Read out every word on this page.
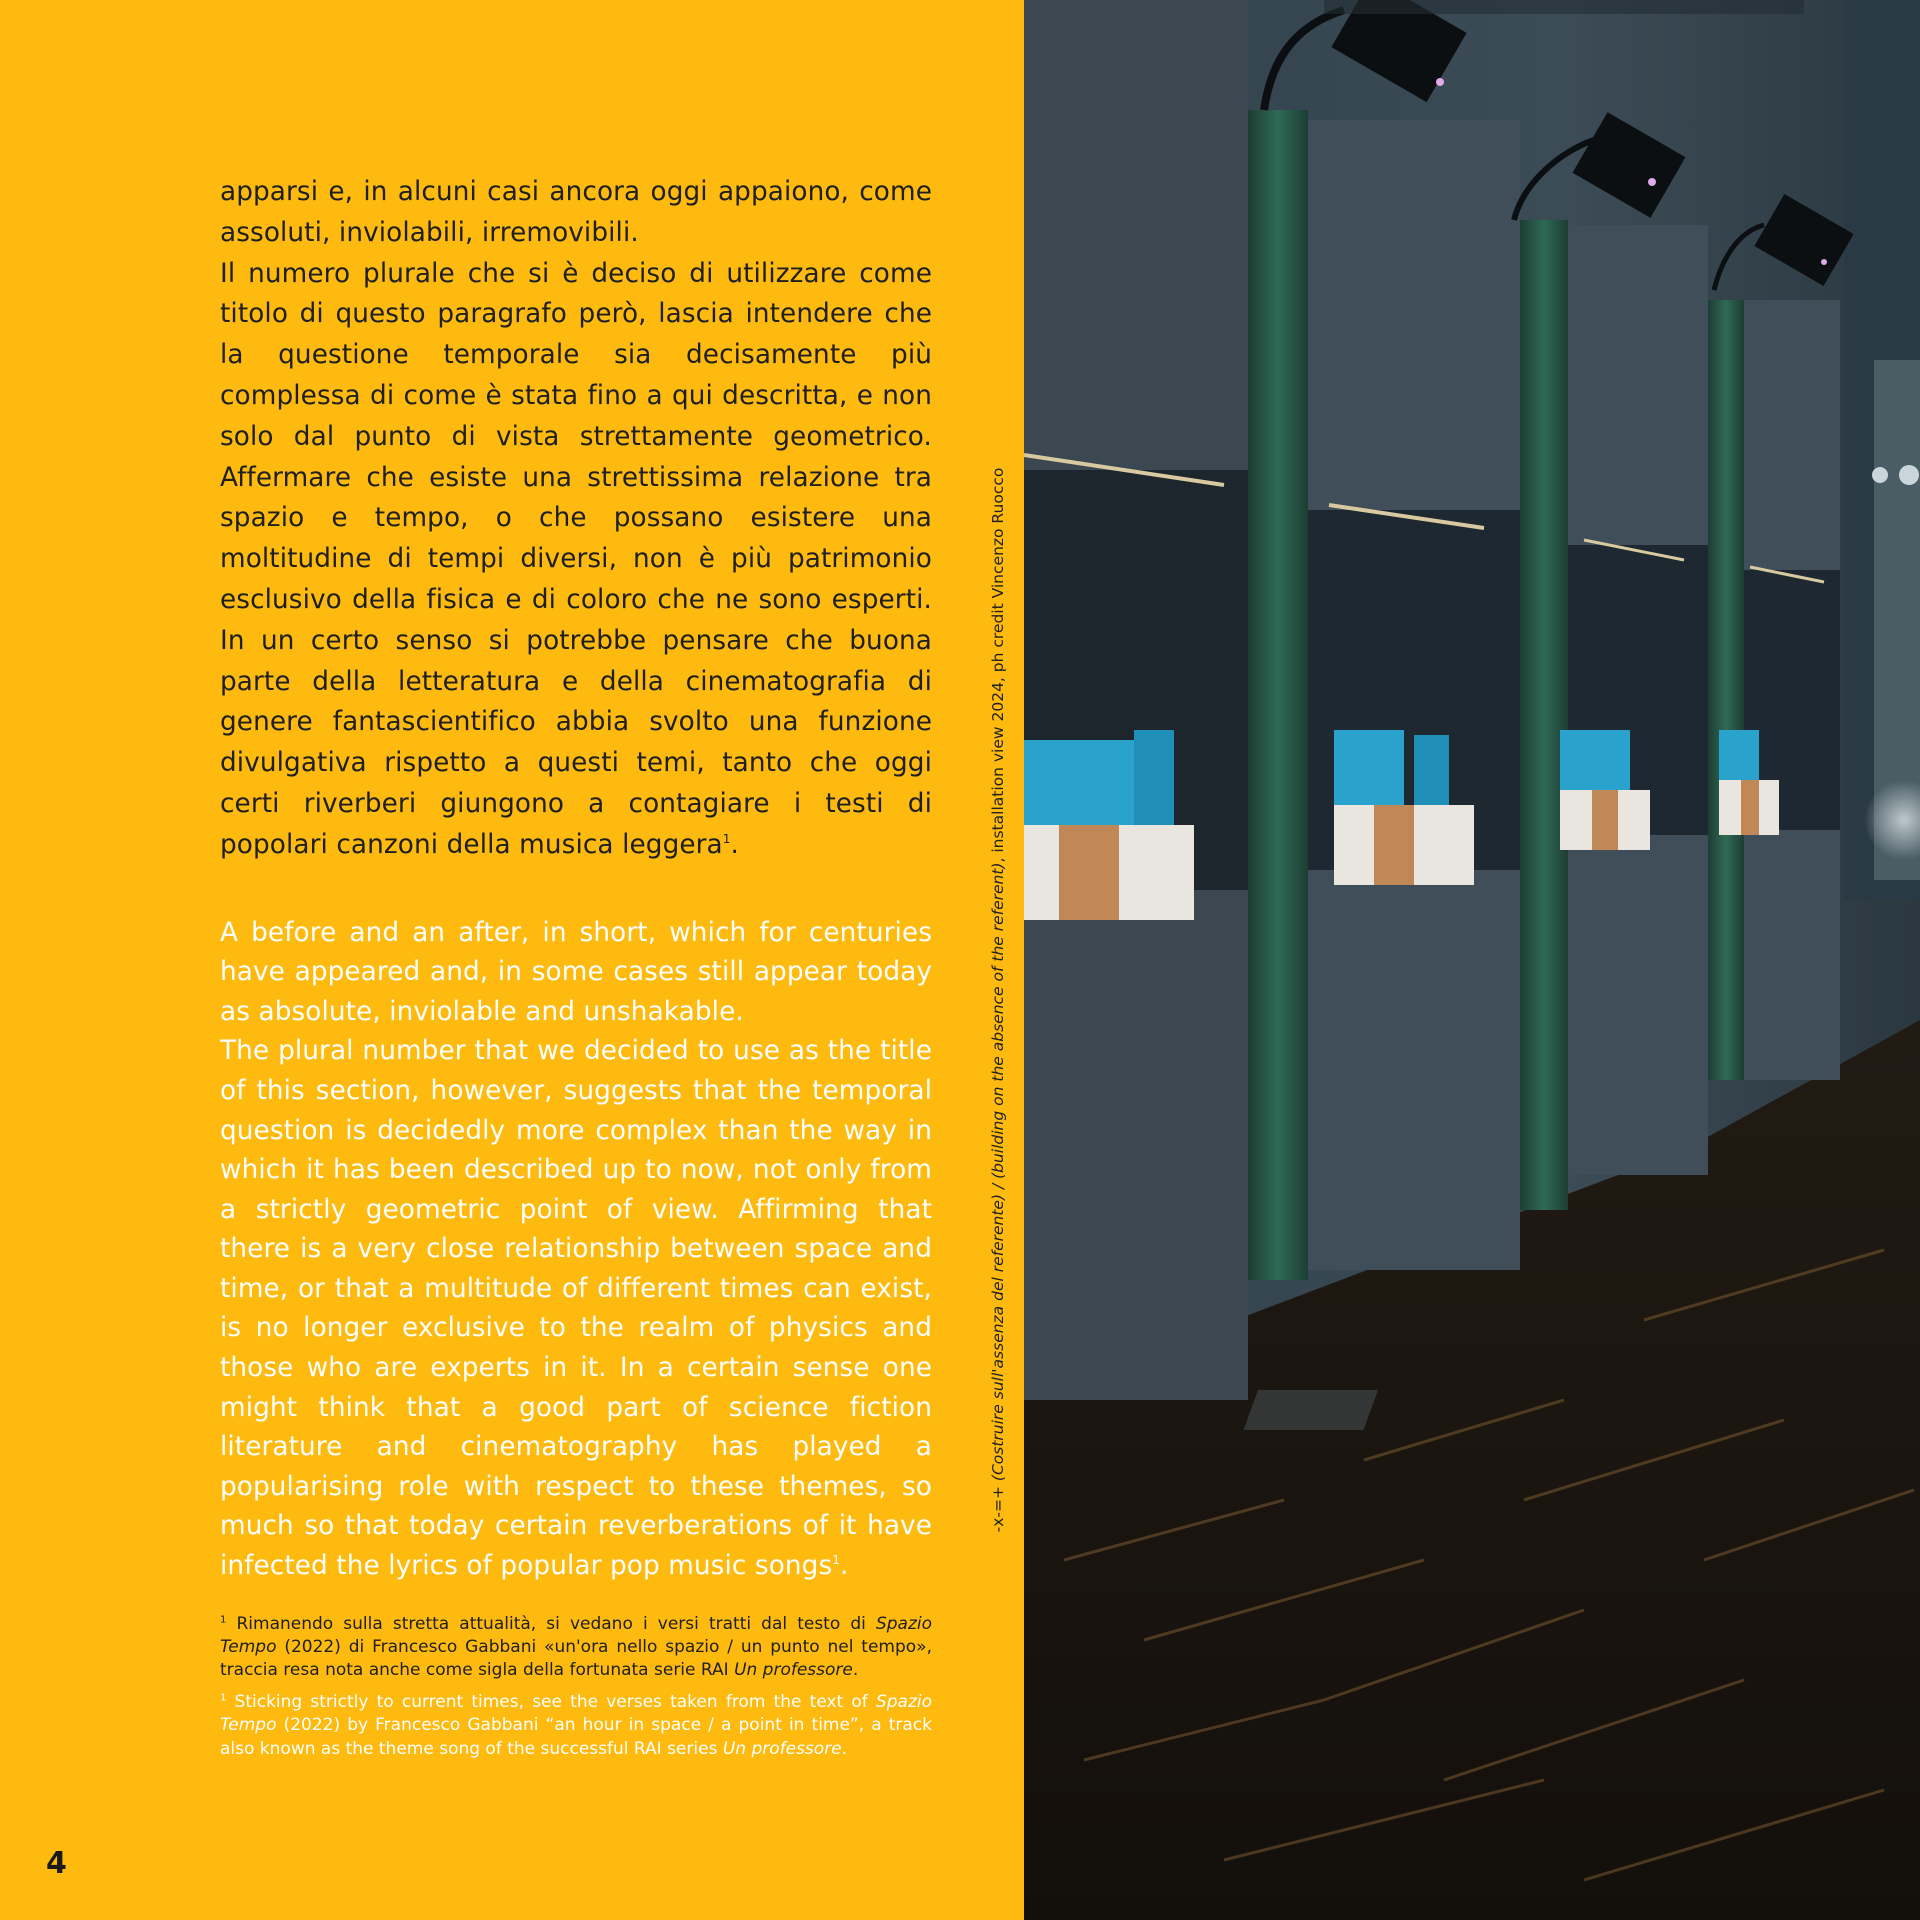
apparsi e, in alcuni casi ancora oggi appaiono, come assoluti, inviolabili, irremovibili.

Il numero plurale che si è deciso di utilizzare come titolo di questo paragrafo però, lascia intendere che la questione temporale sia decisamente più complessa di come è stata fino a qui descritta, e non solo dal punto di vista strettamente geometrico. Affermare che esiste una strettissima relazione tra spazio e tempo, o che possano esistere una moltitudine di tempi diversi, non è più patrimonio esclusivo della fisica e di coloro che ne sono esperti. In un certo senso si potrebbe pensare che buona parte della letteratura e della cinematografia di genere fantascientifico abbia svolto una funzione divulgativa rispetto a questi temi, tanto che oggi certi riverberi giungono a contagiare i testi di popolari canzoni della musica leggera$^1$.

A before and an after, in short, which for centuries have appeared and, in some cases still appear today as absolute, inviolable and unshakable.

The plural number that we decided to use as the title of this section, however, suggests that the temporal question is decidedly more complex than the way in which it has been described up to now, not only from a strictly geometric point of view. Affirming that there is a very close relationship between space and time, or that a multitude of different times can exist, is no longer exclusive to the realm of physics and those who are experts in it. In a certain sense one might think that a good part of science fiction literature and cinematography has played a popularising role with respect to these themes, so much so that today certain reverberations of it have infected the lyrics of popular pop music songs$^1$.

$^1$ Rimanendo sulla stretta attualità, si vedano i versi tratti dal testo di Spazio Tempo (2022) di Francesco Gabbani «un'ora nello spazio / un punto nel tempo», traccia resa nota anche come sigla della fortunata serie RAI Un professore.

$^1$ Sticking strictly to current times, see the verses taken from the text of Spazio Tempo (2022) by Francesco Gabbani “an hour in space / a point in time”, a track also known as the theme song of the successful RAI series Un professore.

4
-x-=+ (Costruire sull'assenza del referente) / (building on the absence of the referent), installation view 2024, ph credit Vincenzo Ruocco
